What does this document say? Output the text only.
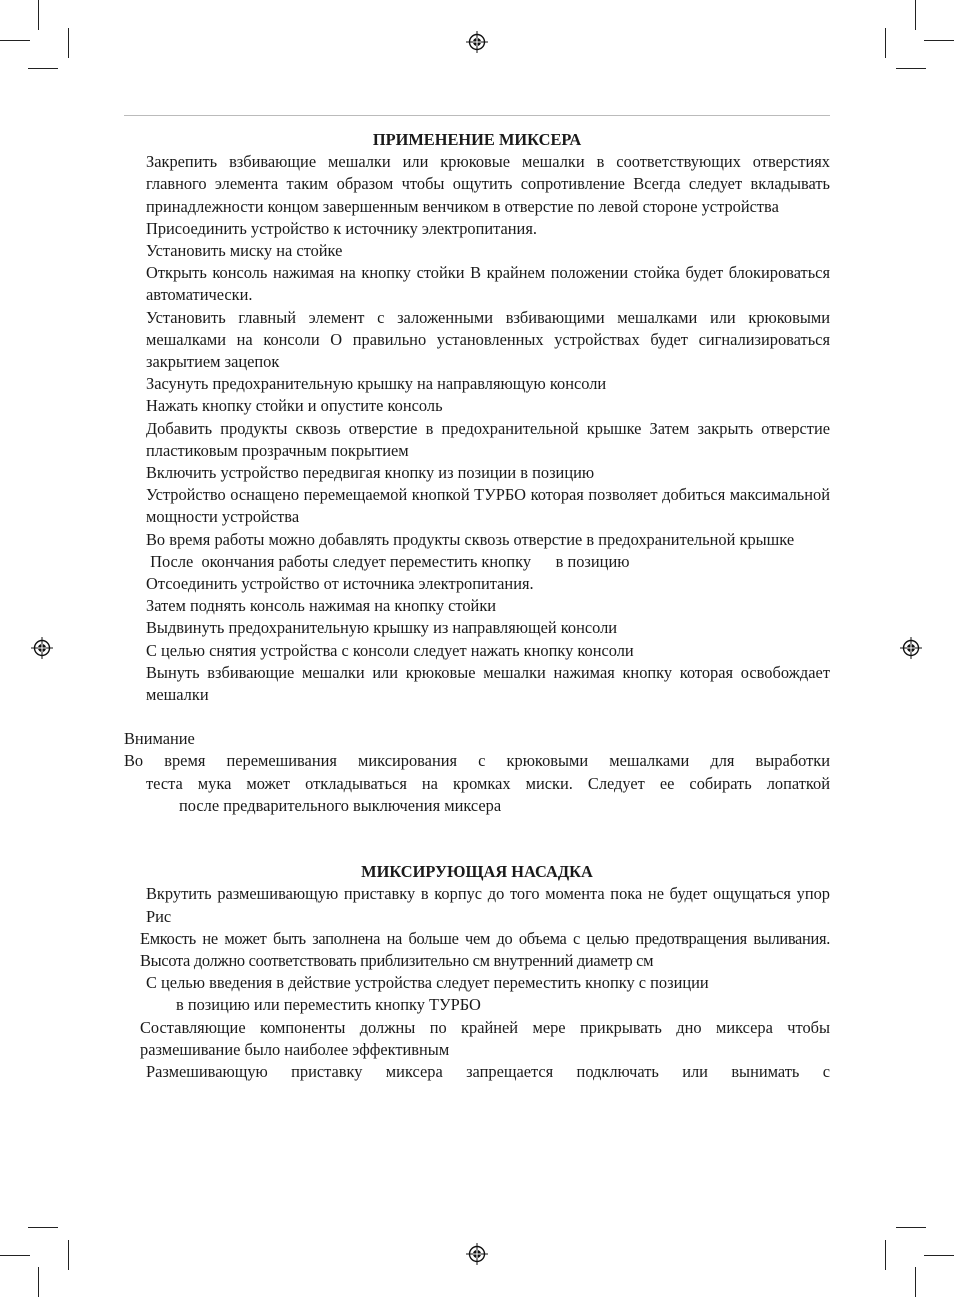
ПРИМЕНЕНИЕ МИКСЕРА

Закрепить взбивающие мешалки или крюковые мешалки в соответствующих отверстиях главного элемента таким образом чтобы ощутить сопротивление Всегда следует вкладывать принадлежности концом завершенным венчиком в отверстие по левой стороне устройства

Присоединить устройство к источнику электропитания.

Установить миску на стойке

Открыть консоль нажимая на кнопку стойки В крайнем положении стойка будет блокироваться автоматически.

Установить главный элемент с заложенными взбивающими мешалками или крюковыми мешалками на консоли О правильно установленных устройствах будет сигнализироваться закрытием зацепок

Засунуть предохранительную крышку на направляющую консоли

Нажать кнопку стойки и опустите консоль

Добавить продукты сквозь отверстие в предохранительной крышке Затем закрыть отверстие пластиковым прозрачным покрытием

Включить устройство передвигая кнопку из позиции в позицию

Устройство оснащено перемещаемой кнопкой ТУРБО которая позволяет добиться максимальной мощности устройства

Во время работы можно добавлять продукты сквозь отверстие в предохранительной крышке

После  окончания работы следует переместить кнопку      в позицию

Отсоединить устройство от источника электропитания.

Затем поднять консоль нажимая на кнопку стойки

Выдвинуть предохранительную крышку из направляющей консоли

С целью снятия устройства с консоли следует нажать кнопку консоли

Вынуть взбивающие мешалки или крюковые мешалки нажимая кнопку которая освобождает мешалки

Внимание

Во время перемешивания миксирования с крюковыми мешалками для выработки

теста мука может откладываться на кромках миски. Следует ее собирать лопаткой

после предварительного выключения миксера

МИКСИРУЮЩАЯ НАСАДКА

Вкрутить размешивающую приставку в корпус до того момента пока не будет ощущаться упор Рис

Емкость не может быть заполнена на больше чем до объема с целью предотвращения выливания. Высота должно соответствовать приблизительно см внутренний диаметр см

С целью введения в действие устройства следует переместить кнопку с позиции

в позицию или переместить кнопку ТУРБО

Составляющие компоненты должны по крайней мере прикрывать дно миксера чтобы размешивание было наиболее эффективным

Размешивающую приставку миксера запрещается подключать или вынимать с
